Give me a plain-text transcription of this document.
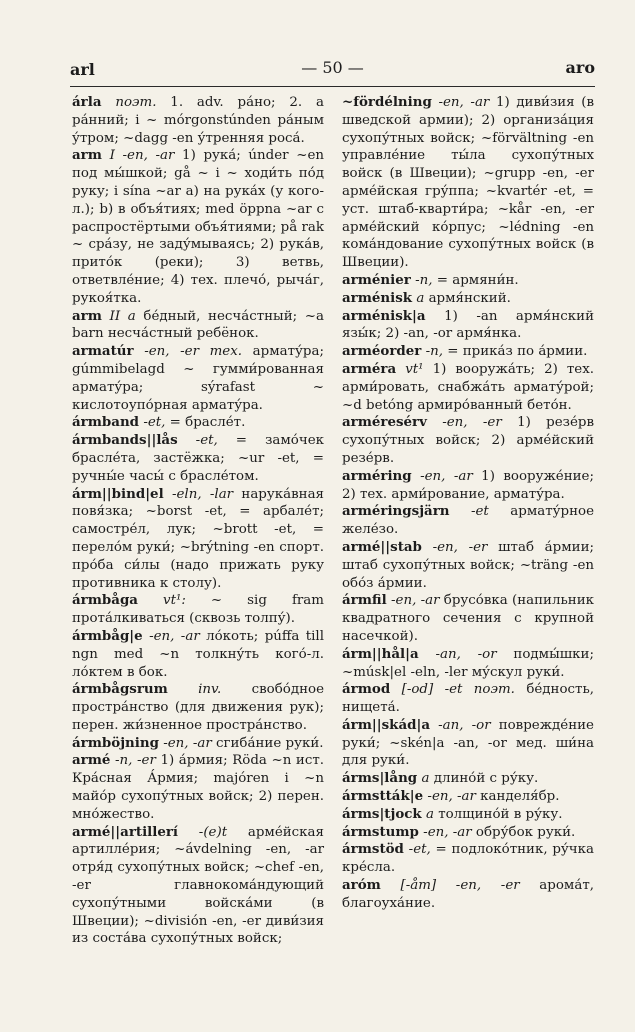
arl	— 50 —	aro

árla поэт. 1. adv. ра́но; 2. a ра́нний; i ~ mórgonstúnden ра́ным у́тром; ~dagg -en у́тренняя роса́.

arm I -en, -ar 1) рука́; únder ~en под мы́шкой; gå ~ i ~ ходи́ть по́д руку; i sína ~ar a) на рука́х (у кого-л.); b) в объя́тиях; med öppna ~ar с распростёртыми объя́тиями; på rak ~ сра́зу, не заду́мываясь; 2) рука́в, прито́к (реки); 3) ветвь, ответвле́ние; 4) тех. плечо́, рыча́г, рукоя́тка.

arm II a бе́дный, несча́стный; ~a barn несча́стный ребёнок.

armatúr -en, -er тех. армату́ра; gúmmibelagd ~ гумми́рованная армату́ра; sýrafast ~ кислотоупо́рная армату́ра.

ármband -et, = брасле́т.

ármbands||lås -et, = замо́чек брасле́та, застёжка; ~ur -et, = ручны́е часы́ с брасле́том.

árm||bind|el -eln, -lar нарука́вная повя́зка; ~borst -et, = арбале́т; самостре́л, лук; ~brott -et, = перело́м руки́; ~brýtning -en спорт. про́ба си́лы (надо прижать руку противника к столу).

ármbåga vt¹: ~ sig fram прота́лкиваться (сквозь толпу́).

ármbåg|e -en, -ar ло́коть; púffa till ngn med ~n толкну́ть кого́-л. ло́ктем в бок.

ármbågsrum inv. свобо́дное простра́нство (для движения рук); перен. жи́зненное простра́нство.

ármböjning -en, -ar сгиба́ние руки́.

armé -n, -er 1) а́рмия; Röda ~n ист. Кра́сная А́рмия; majóren i ~n майо́р сухопу́тных войск; 2) перен. мно́жество.

armé||artillerí -(e)t арме́йская артилле́рия; ~ávdelning -en, -ar отря́д сухопу́тных войск; ~chef -en, -er главнокома́ндующий сухопу́тными войска́ми (в Швеции); ~división -en, -er диви́зия из соста́ва сухопу́тных войск;

~fördélning -en, -ar 1) диви́зия (в шведской армии); 2) организа́ция сухопу́тных войск; ~förvältning -en управле́ние ты́ла сухопу́тных войск (в Швеции); ~grupp -en, -er арме́йская гру́ппа; ~kvartér -et, = уст. штаб-кварти́ра; ~kår -en, -er арме́йский ко́рпус; ~lédning -en кома́ндование сухопу́тных войск (в Швеции).

arménier -n, = армяни́н.

arménisk a армя́нский.

arménisk|a 1) -an армя́нский язы́к; 2) -an, -or армя́нка.

arméorder -n, = прика́з по а́рмии.

arméra vt¹ 1) вооружа́ть; 2) тех. арми́ровать, снабжа́ть армату́рой; ~d betóng армиро́ванный бето́н.

arméresérv -en, -er 1) резе́рв сухопу́тных войск; 2) арме́йский резе́рв.

arméring -en, -ar 1) вооруже́ние; 2) тех. арми́рование, армату́ра.

arméringsjärn -et армату́рное желе́зо.

armé||stab -en, -er штаб а́рмии; штаб сухопу́тных войск; ~träng -en обо́з а́рмии.

ármfil -en, -ar брусо́вка (напильник квадратного сечения с крупной насечкой).

árm||hål|a -an, -or подмы́шки; ~músk|el -eln, -ler му́скул руки́.

ármod [-od] -et поэт. бе́дность, нищета́.

árm||skád|a -an, -or поврежде́ние руки́; ~skén|a -an, -or мед. ши́на для руки́.

árms|lång a длино́й с ру́ку.

ármstták|e -en, -ar канделя́бр.

árms|tjock a толщино́й в ру́ку.

ármstump -en, -ar обру́бок руки́.

ármstöd -et, = подлоко́тник, ру́чка кре́сла.

aróm [-åm] -en, -er арома́т, благоуха́ние.
